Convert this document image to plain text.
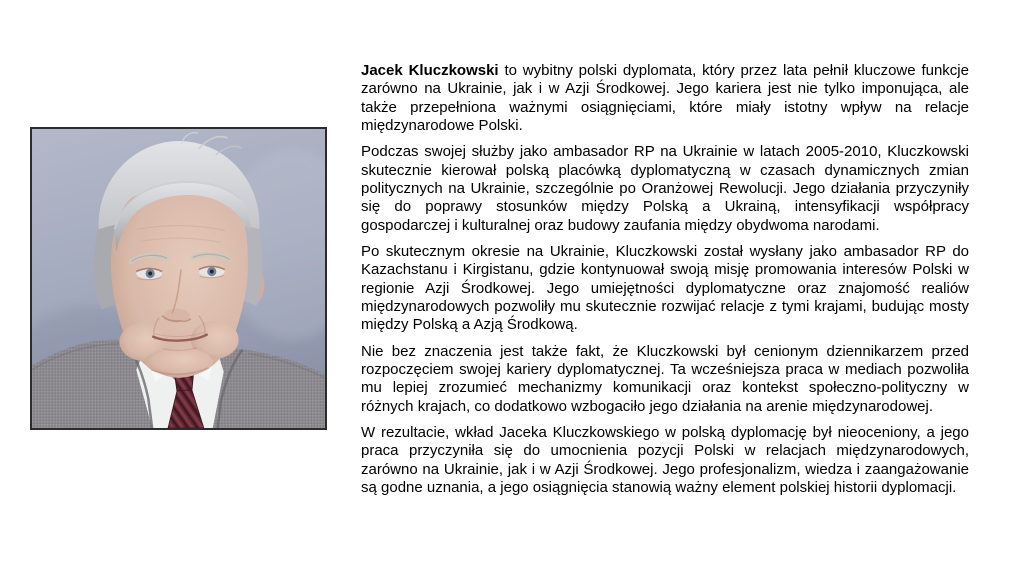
Jacek Kluczkowski to wybitny polski dyplomata, który przez lata pełnił kluczowe funkcje zarówno na Ukrainie, jak i w Azji Środkowej. Jego kariera jest nie tylko imponująca, ale także przepełniona ważnymi osiągnięciami, które miały istotny wpływ na relacje międzynarodowe Polski.

Podczas swojej służby jako ambasador RP na Ukrainie w latach 2005-2010, Kluczkowski skutecznie kierował polską placówką dyplomatyczną w czasach dynamicznych zmian politycznych na Ukrainie, szczególnie po Oranżowej Rewolucji. Jego działania przyczyniły się do poprawy stosunków między Polską a Ukrainą, intensyfikacji współpracy gospodarczej i kulturalnej oraz budowy zaufania między obydwoma narodami.

Po skutecznym okresie na Ukrainie, Kluczkowski został wysłany jako ambasador RP do Kazachstanu i Kirgistanu, gdzie kontynuował swoją misję promowania interesów Polski w regionie Azji Środkowej. Jego umiejętności dyplomatyczne oraz znajomość realiów międzynarodowych pozwoliły mu skutecznie rozwijać relacje z tymi krajami, budując mosty między Polską a Azją Środkową.

Nie bez znaczenia jest także fakt, że Kluczkowski był cenionym dziennikarzem przed rozpoczęciem swojej kariery dyplomatycznej. Ta wcześniejsza praca w mediach pozwoliła mu lepiej zrozumieć mechanizmy komunikacji oraz kontekst społeczno-polityczny w różnych krajach, co dodatkowo wzbogaciło jego działania na arenie międzynarodowej.

W rezultacie, wkład Jaceka Kluczkowskiego w polską dyplomację był nieoceniony, a jego praca przyczyniła się do umocnienia pozycji Polski w relacjach międzynarodowych, zarówno na Ukrainie, jak i w Azji Środkowej. Jego profesjonalizm, wiedza i zaangażowanie są godne uznania, a jego osiągnięcia stanowią ważny element polskiej historii dyplomacji.
